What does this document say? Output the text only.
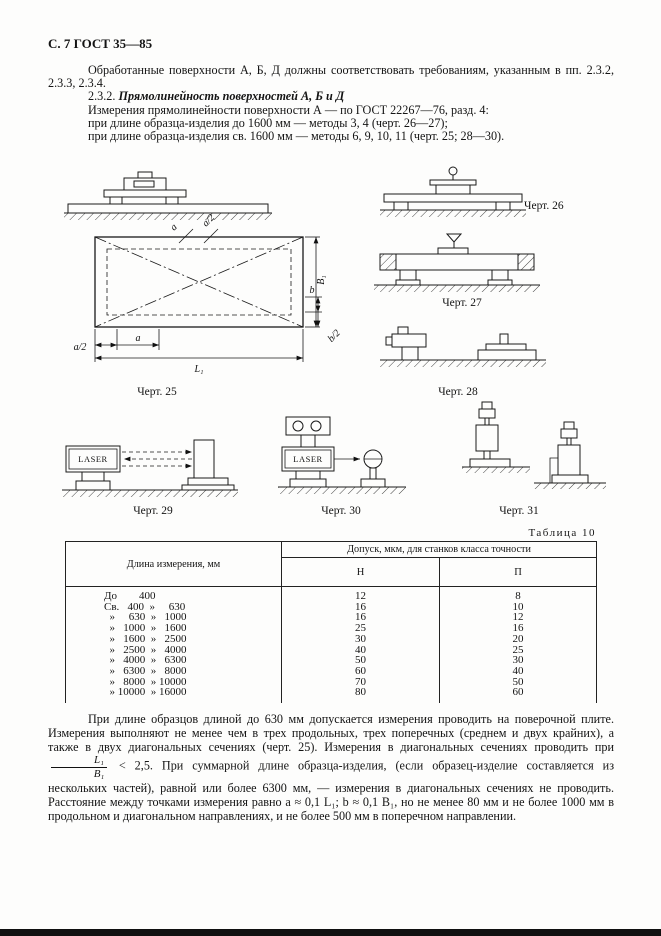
С. 7 ГОСТ 35—85

Обработанные поверхности А, Б, Д должны соответствовать требованиям, указанным в пп. 2.3.2, 2.3.3, 2.3.4.

2.3.2. Прямолинейность поверхностей А, Б и Д

Измерения прямолинейности поверхности А — по ГОСТ 22267—76, разд. 4:

при длине образца-изделия до 1600 мм — методы 3, 4 (черт. 26—27);

при длине образца-изделия св. 1600 мм — методы 6, 9, 10, 11 (черт. 25; 28—30).

Черт. 26
a a/2
a/2
a
L₁
B₁
b
b/2
Черт. 25
Черт. 27
Черт. 28
LASER
Черт. 29
LASER
Черт. 30	Черт. 31
Таблица 10
Длина измерения, мм	Допуск, мкм, для станков класса точности	
	Н	П
До        400	12	8
Св.   400  »     630	16	10
»     630  »   1000	16	12
»   1000  »   1600	25	16
»   1600  »   2500	30	20
»   2500  »   4000	40	25
»   4000  »   6300	50	30
»   6300  »   8000	60	40
»   8000  » 10000	70	50
» 10000  » 16000	80	60

При длине образцов длиной до 630 мм допускается измерения проводить на поверочной плите. Измерения выполняют не менее чем в трех продольных, трех поперечных (среднем и двух крайних), а также в двух диагональных сечениях (черт. 25). Измерения в диагональных сечениях проводить при
$\frac{\text{L₁}}{\text{B₁}} < 2,5$. При суммарной длине образца-изделия, (если образец-изделие составляется из нескольких частей), равной или более 6300 мм, — измерения в диагональных сечениях не проводить. Расстояние между точками измерения равно a ≈ 0,1 L₁; b ≈ 0,1 B₁, но не менее 80 мм и не более 1000 мм в продольном и диагональном направлениях, и не более 500 мм в поперечном направлении.
